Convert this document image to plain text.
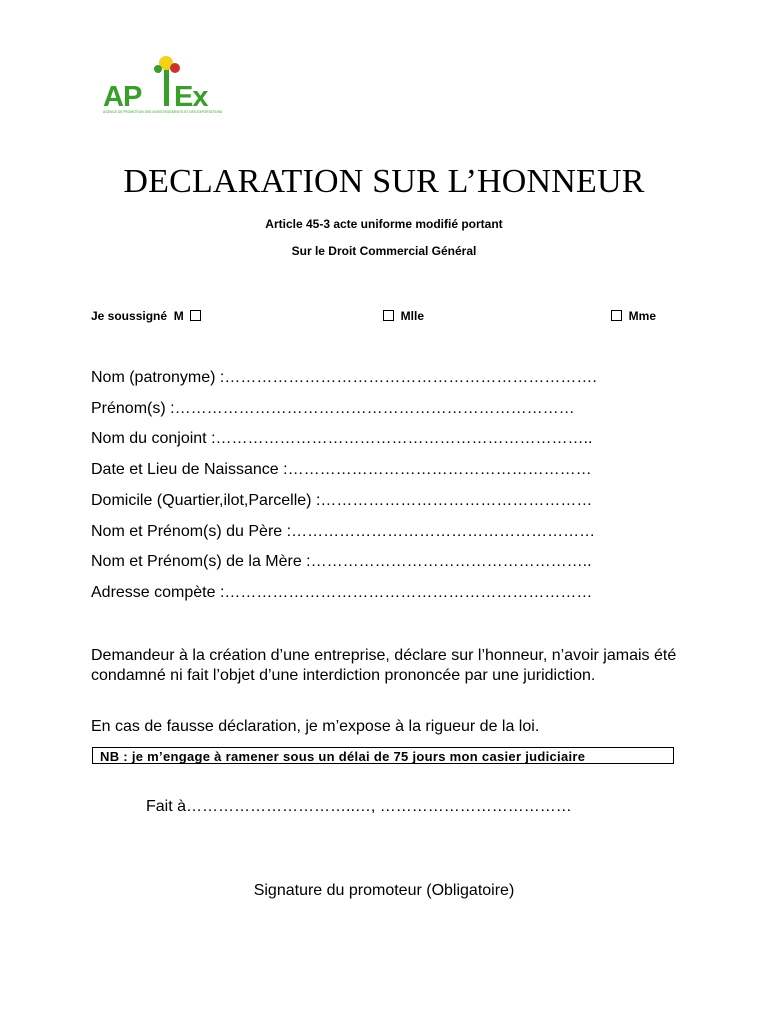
AP Ex
AGENCE DE PROMOTION DES INVESTISSEMENTS ET DES EXPORTATIONS
DECLARATION SUR L’HONNEUR
Article 45-3 acte uniforme modifié portant
Sur le Droit Commercial Général
Je soussigné M	Mlle	Mme
Nom (patronyme) :…………………………………………………………….
Prénom(s) :…………………………………………………………………
Nom du conjoint :……………………………………………………………..
Date et Lieu de Naissance :…………………………………………………
Domicile (Quartier,ilot,Parcelle) :……………………………………………
Nom et Prénom(s) du Père :…………………………………………………
Nom et Prénom(s) de la Mère :……………………………………………..
Adresse compète :……………………………………………………………
Demandeur à la création d’une entreprise, déclare sur l’honneur, n’avoir jamais été condamné ni fait l’objet d’une interdiction prononcée par une juridiction.
En cas de fausse déclaration, je m’expose à la rigueur de la loi.
NB : je m’engage à ramener sous un délai de 75 jours mon casier judiciaire
Fait à…………………………..…, ………………………………
Signature du promoteur (Obligatoire)
